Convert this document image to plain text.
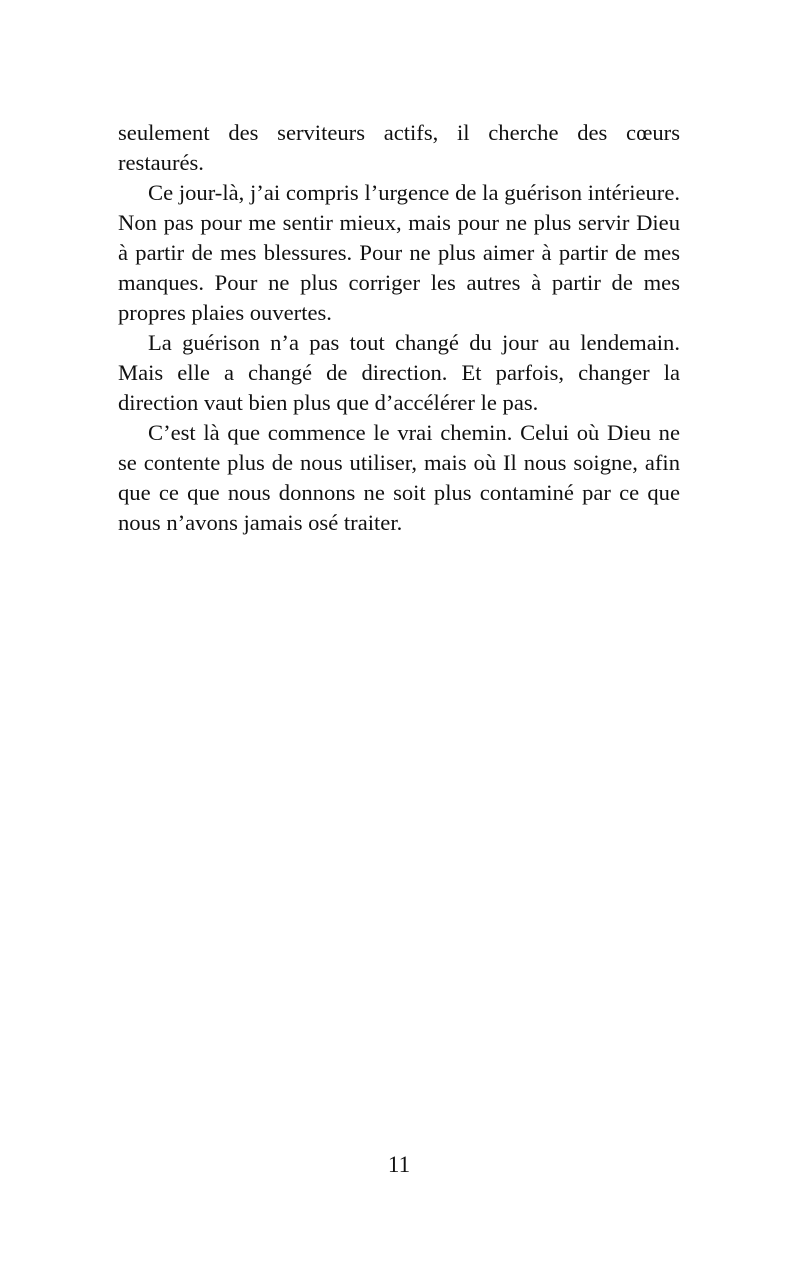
seulement des serviteurs actifs, il cherche des cœurs restaurés.

Ce jour-là, j’ai compris l’urgence de la guérison intérieure. Non pas pour me sentir mieux, mais pour ne plus servir Dieu à partir de mes blessures. Pour ne plus aimer à partir de mes manques. Pour ne plus corriger les autres à partir de mes propres plaies ouvertes.

La guérison n’a pas tout changé du jour au lendemain. Mais elle a changé de direction. Et parfois, changer la direction vaut bien plus que d’accélérer le pas.

C’est là que commence le vrai chemin. Celui où Dieu ne se contente plus de nous utiliser, mais où Il nous soigne, afin que ce que nous donnons ne soit plus contaminé par ce que nous n’avons jamais osé traiter.

11
